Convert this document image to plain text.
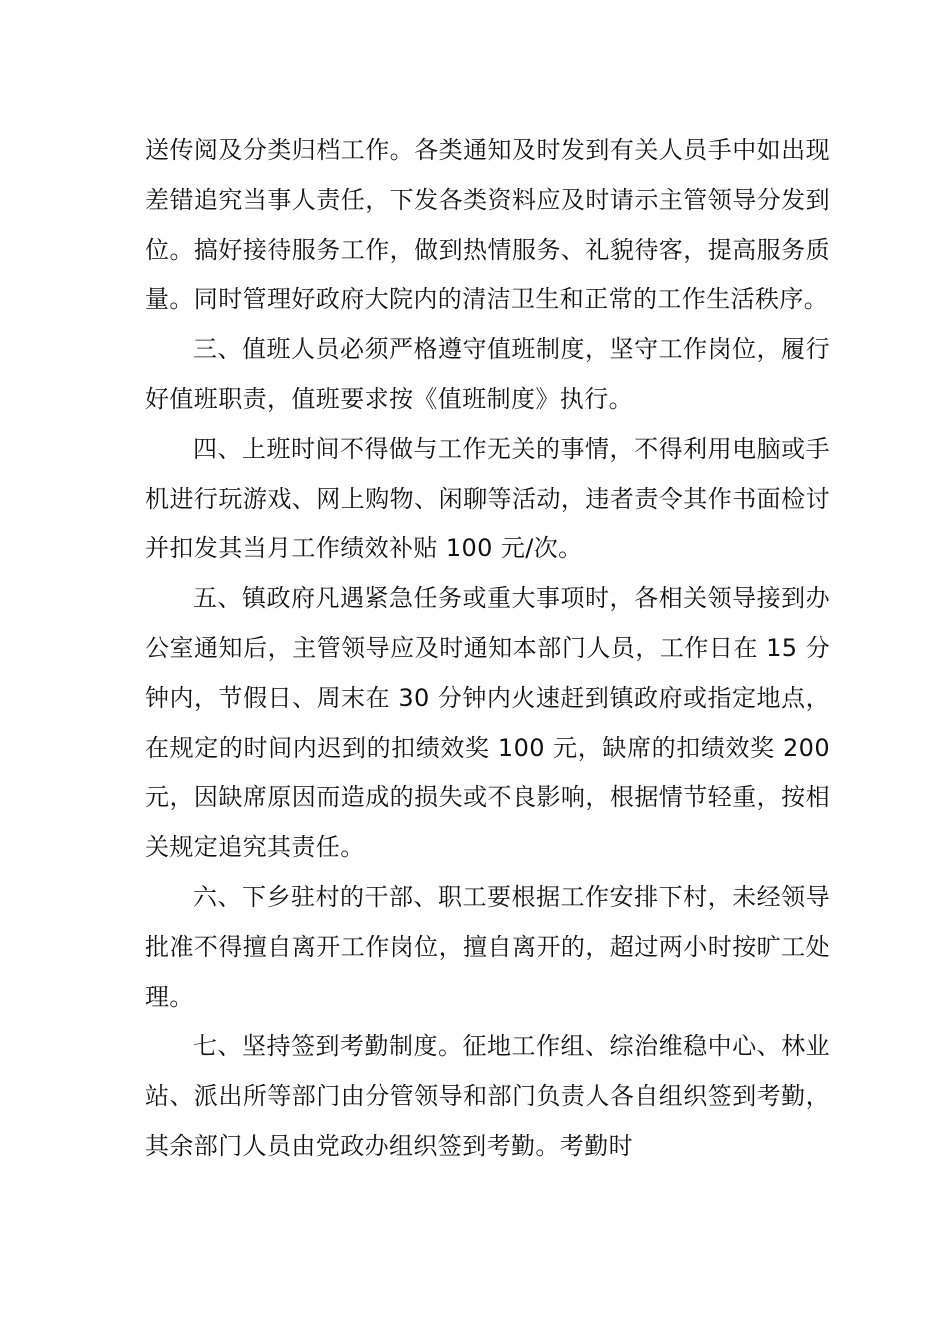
送传阅及分类归档工作。各类通知及时发到有关人员手中如出现差错追究当事人责任，下发各类资料应及时请示主管领导分发到位。搞好接待服务工作，做到热情服务、礼貌待客，提高服务质量。同时管理好政府大院内的清洁卫生和正常的工作生活秩序。

三、值班人员必须严格遵守值班制度，坚守工作岗位，履行好值班职责，值班要求按《值班制度》执行。

四、上班时间不得做与工作无关的事情，不得利用电脑或手机进行玩游戏、网上购物、闲聊等活动，违者责令其作书面检讨并扣发其当月工作绩效补贴 100 元/次。

五、镇政府凡遇紧急任务或重大事项时，各相关领导接到办公室通知后，主管领导应及时通知本部门人员，工作日在 15 分钟内，节假日、周末在 30 分钟内火速赶到镇政府或指定地点，在规定的时间内迟到的扣绩效奖 100 元，缺席的扣绩效奖 200 元，因缺席原因而造成的损失或不良影响，根据情节轻重，按相关规定追究其责任。

六、下乡驻村的干部、职工要根据工作安排下村，未经领导批准不得擅自离开工作岗位，擅自离开的，超过两小时按旷工处理。

七、坚持签到考勤制度。征地工作组、综治维稳中心、林业站、派出所等部门由分管领导和部门负责人各自组织签到考勤，其余部门人员由党政办组织签到考勤。考勤时
